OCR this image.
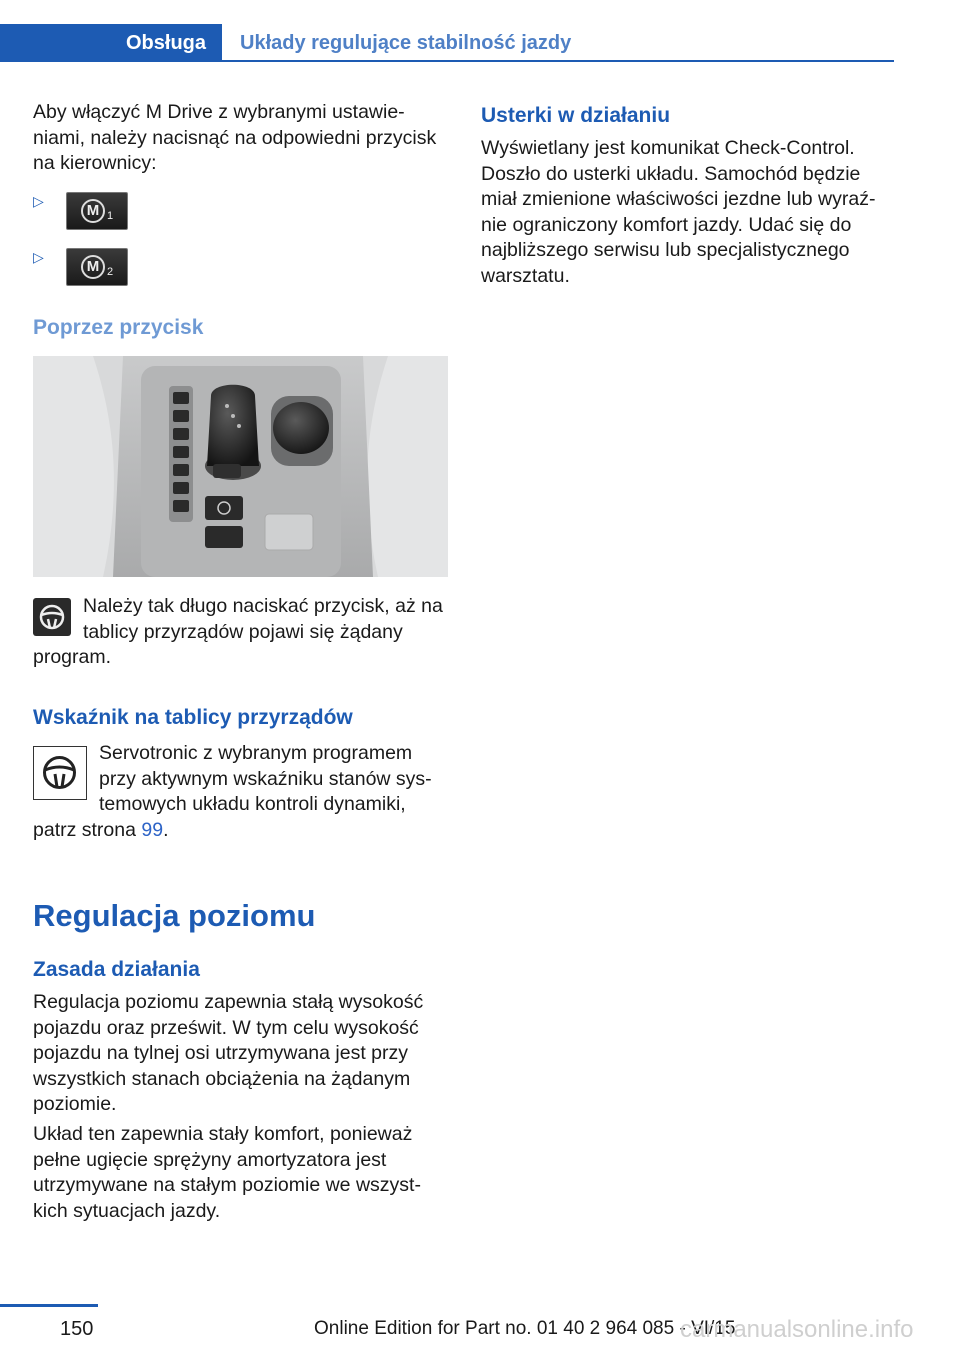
Obsługa Układy regulujące stabilność jazdy

Aby włączyć M Drive z wybranymi ustawie-
niami, należy nacisnąć na odpowiedni przycisk
na kierownicy:

▷
M 1
▷
M 2
Poprzez przycisk

Należy tak długo naciskać przycisk, aż na
tablicy przyrządów pojawi się żądany

program.

Wskaźnik na tablicy przyrządów

Servotronic z wybranym programem
przy aktywnym wskaźniku stanów sys-
temowych układu kontroli dynamiki,

patrz strona 99.

Regulacja poziomu
Zasada działania

Regulacja poziomu zapewnia stałą wysokość
pojazdu oraz prześwit. W tym celu wysokość
pojazdu na tylnej osi utrzymywana jest przy
wszystkich stanach obciążenia na żądanym
poziomie.

Układ ten zapewnia stały komfort, ponieważ
pełne ugięcie sprężyny amortyzatora jest
utrzymywane na stałym poziomie we wszyst-
kich sytuacjach jazdy.

Usterki w działaniu

Wyświetlany jest komunikat Check-Control.
Doszło do usterki układu. Samochód będzie
miał zmienione właściwości jezdne lub wyraź-
nie ograniczony komfort jazdy. Udać się do
najbliższego serwisu lub specjalistycznego
warsztatu.

150	Online Edition for Part no. 01 40 2 964 085 - VI/15
carmanualsonline.info
